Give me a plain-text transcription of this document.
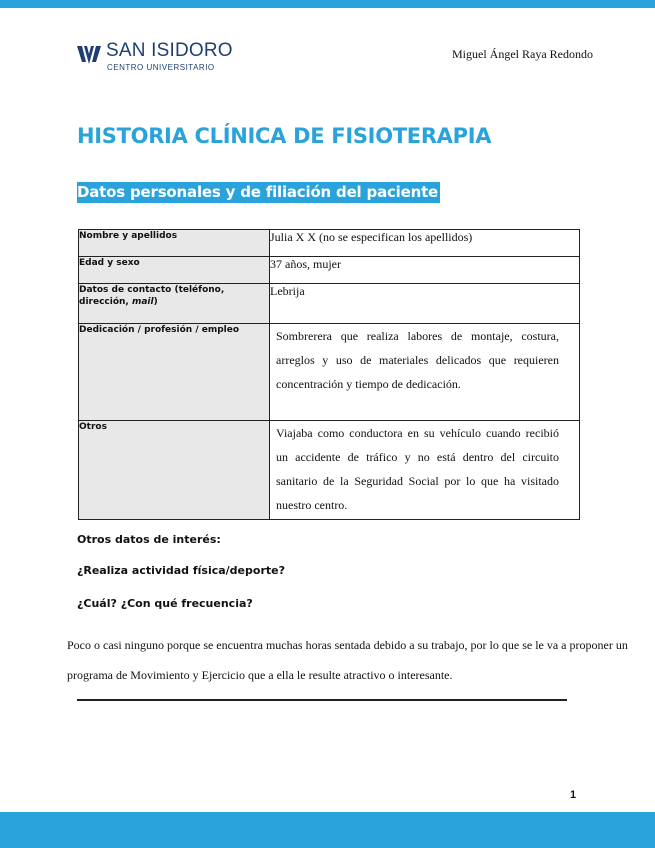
SAN ISIDORO
CENTRO UNIVERSITARIO
Miguel Ángel Raya Redondo
HISTORIA CLÍNICA DE FISIOTERAPIA
Datos personales y de filiación del paciente
Nombre y apellidos	Julia X X (no se especifican los apellidos)
Edad y sexo	37 años, mujer
Datos de contacto (teléfono, dirección, mail)	Lebrija
Dedicación / profesión / empleo	Sombrerera que realiza labores de montaje, costura, arreglos y uso de materiales delicados que requieren concentración y tiempo de dedicación.
Otros	Viajaba como conductora en su vehículo cuando recibió un accidente de tráfico y no está dentro del circuito sanitario de la Seguridad Social por lo que ha visitado nuestro centro.
Otros datos de interés:
¿Realiza actividad física/deporte?
¿Cuál? ¿Con qué frecuencia?

Poco o casi ninguno porque se encuentra muchas horas sentada debido a su trabajo, por lo que se le va a proponer un programa de Movimiento y Ejercicio que a ella le resulte atractivo o interesante.

1
